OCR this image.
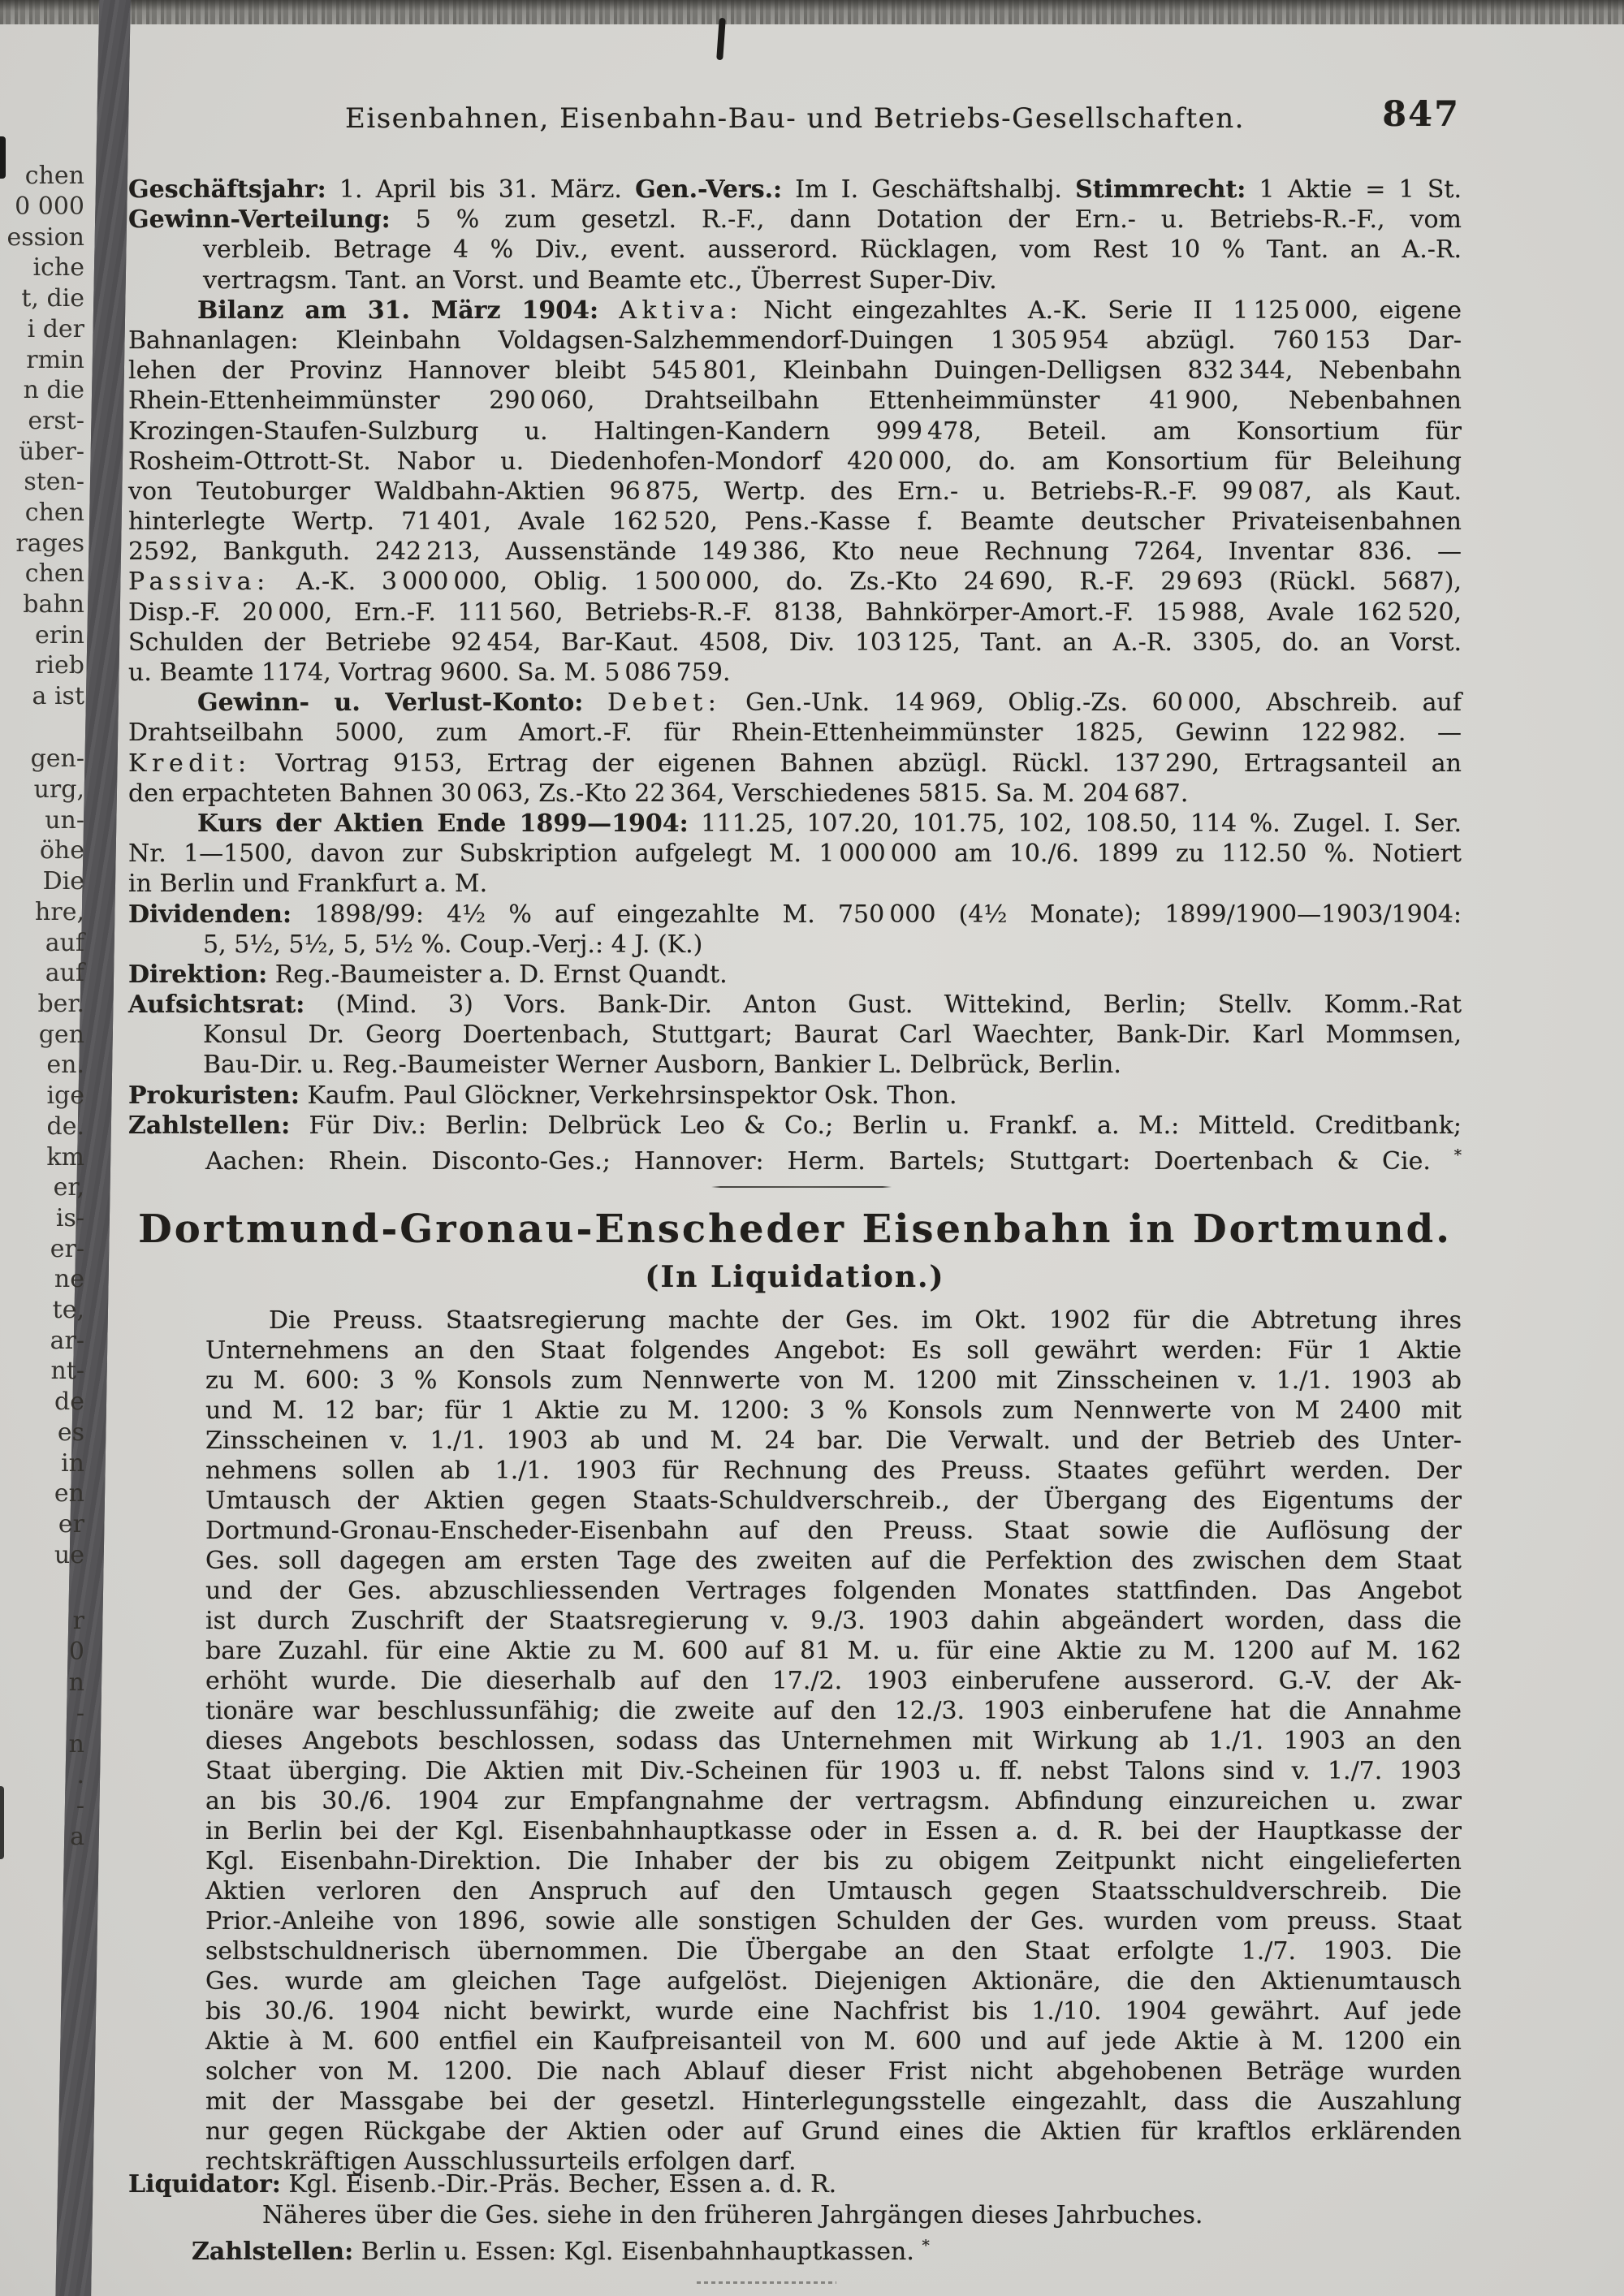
chen
0 000
ession
iche
t, die
i der
rmin
n die
erst-
über-
sten-
chen
rages
chen
bahn
erin
rieb
a ist
gen-
urg,
un-
öhe
Die
hre,
auf
auf
ber.
gen
en.
ige
de.
km
er,
is-
er-
ne
te,
ar-
nt-
de
es
in
en
er
ue
r
0
n
-
n
.
-
a
Eisenbahnen, Eisenbahn-Bau- und Betriebs-Gesellschaften.	847
Geschäftsjahr: 1. April bis 31. März. Gen.-Vers.: Im I. Geschäftshalbj. Stimmrecht: 1 Aktie = 1 St.
Gewinn-Verteilung: 5 % zum gesetzl. R.-F., dann Dotation der Ern.- u. Betriebs-R.-F., vom
verbleib. Betrage 4 % Div., event. ausserord. Rücklagen, vom Rest 10 % Tant. an A.-R.
vertragsm. Tant. an Vorst. und Beamte etc., Überrest Super-Div.
Bilanz am 31. März 1904: Aktiva: Nicht eingezahltes A.-K. Serie II 1 125 000, eigene
Bahnanlagen: Kleinbahn Voldagsen-Salzhemmendorf-Duingen 1 305 954 abzügl. 760 153 Dar-
lehen der Provinz Hannover bleibt 545 801, Kleinbahn Duingen-Delligsen 832 344, Nebenbahn
Rhein-Ettenheimmünster 290 060, Drahtseilbahn Ettenheimmünster 41 900, Nebenbahnen
Krozingen-Staufen-Sulzburg u. Haltingen-Kandern 999 478, Beteil. am Konsortium für
Rosheim-Ottrott-St. Nabor u. Diedenhofen-Mondorf 420 000, do. am Konsortium für Beleihung
von Teutoburger Waldbahn-Aktien 96 875, Wertp. des Ern.- u. Betriebs-R.-F. 99 087, als Kaut.
hinterlegte Wertp. 71 401, Avale 162 520, Pens.-Kasse f. Beamte deutscher Privateisenbahnen
2592, Bankguth. 242 213, Aussenstände 149 386, Kto neue Rechnung 7264, Inventar 836. —
Passiva: A.-K. 3 000 000, Oblig. 1 500 000, do. Zs.-Kto 24 690, R.-F. 29 693 (Rückl. 5687),
Disp.-F. 20 000, Ern.-F. 111 560, Betriebs-R.-F. 8138, Bahnkörper-Amort.-F. 15 988, Avale 162 520,
Schulden der Betriebe 92 454, Bar-Kaut. 4508, Div. 103 125, Tant. an A.-R. 3305, do. an Vorst.
u. Beamte 1174, Vortrag 9600. Sa. M. 5 086 759.
Gewinn- u. Verlust-Konto: Debet: Gen.-Unk. 14 969, Oblig.-Zs. 60 000, Abschreib. auf
Drahtseilbahn 5000, zum Amort.-F. für Rhein-Ettenheimmünster 1825, Gewinn 122 982. —
Kredit: Vortrag 9153, Ertrag der eigenen Bahnen abzügl. Rückl. 137 290, Ertragsanteil an
den erpachteten Bahnen 30 063, Zs.-Kto 22 364, Verschiedenes 5815. Sa. M. 204 687.
Kurs der Aktien Ende 1899—1904: 111.25, 107.20, 101.75, 102, 108.50, 114 %. Zugel. I. Ser.
Nr. 1—1500, davon zur Subskription aufgelegt M. 1 000 000 am 10./6. 1899 zu 112.50 %. Notiert
in Berlin und Frankfurt a. M.
Dividenden: 1898/99: 4½ % auf eingezahlte M. 750 000 (4½ Monate); 1899/1900—1903/1904:
5, 5½, 5½, 5, 5½ %. Coup.-Verj.: 4 J. (K.)
Direktion: Reg.-Baumeister a. D. Ernst Quandt.
Aufsichtsrat: (Mind. 3) Vors. Bank-Dir. Anton Gust. Wittekind, Berlin; Stellv. Komm.-Rat
Konsul Dr. Georg Doertenbach, Stuttgart; Baurat Carl Waechter, Bank-Dir. Karl Mommsen,
Bau-Dir. u. Reg.-Baumeister Werner Ausborn, Bankier L. Delbrück, Berlin.
Prokuristen: Kaufm. Paul Glöckner, Verkehrsinspektor Osk. Thon.
Zahlstellen: Für Div.: Berlin: Delbrück Leo & Co.; Berlin u. Frankf. a. M.: Mitteld. Creditbank;
Aachen: Rhein. Disconto-Ges.; Hannover: Herm. Bartels; Stuttgart: Doertenbach & Cie. *
Dortmund-Gronau-Enscheder Eisenbahn in Dortmund.
(In Liquidation.)
Die Preuss. Staatsregierung machte der Ges. im Okt. 1902 für die Abtretung ihres
Unternehmens an den Staat folgendes Angebot: Es soll gewährt werden: Für 1 Aktie
zu M. 600: 3 % Konsols zum Nennwerte von M. 1200 mit Zinsscheinen v. 1./1. 1903 ab
und M. 12 bar; für 1 Aktie zu M. 1200: 3 % Konsols zum Nennwerte von M 2400 mit
Zinsscheinen v. 1./1. 1903 ab und M. 24 bar. Die Verwalt. und der Betrieb des Unter-
nehmens sollen ab 1./1. 1903 für Rechnung des Preuss. Staates geführt werden. Der
Umtausch der Aktien gegen Staats-Schuldverschreib., der Übergang des Eigentums der
Dortmund-Gronau-Enscheder-Eisenbahn auf den Preuss. Staat sowie die Auflösung der
Ges. soll dagegen am ersten Tage des zweiten auf die Perfektion des zwischen dem Staat
und der Ges. abzuschliessenden Vertrages folgenden Monates stattfinden. Das Angebot
ist durch Zuschrift der Staatsregierung v. 9./3. 1903 dahin abgeändert worden, dass die
bare Zuzahl. für eine Aktie zu M. 600 auf 81 M. u. für eine Aktie zu M. 1200 auf M. 162
erhöht wurde. Die dieserhalb auf den 17./2. 1903 einberufene ausserord. G.-V. der Ak-
tionäre war beschlussunfähig; die zweite auf den 12./3. 1903 einberufene hat die Annahme
dieses Angebots beschlossen, sodass das Unternehmen mit Wirkung ab 1./1. 1903 an den
Staat überging. Die Aktien mit Div.-Scheinen für 1903 u. ff. nebst Talons sind v. 1./7. 1903
an bis 30./6. 1904 zur Empfangnahme der vertragsm. Abfindung einzureichen u. zwar
in Berlin bei der Kgl. Eisenbahnhauptkasse oder in Essen a. d. R. bei der Hauptkasse der
Kgl. Eisenbahn-Direktion. Die Inhaber der bis zu obigem Zeitpunkt nicht eingelieferten
Aktien verloren den Anspruch auf den Umtausch gegen Staatsschuldverschreib. Die
Prior.-Anleihe von 1896, sowie alle sonstigen Schulden der Ges. wurden vom preuss. Staat
selbstschuldnerisch übernommen. Die Übergabe an den Staat erfolgte 1./7. 1903. Die
Ges. wurde am gleichen Tage aufgelöst. Diejenigen Aktionäre, die den Aktienumtausch
bis 30./6. 1904 nicht bewirkt, wurde eine Nachfrist bis 1./10. 1904 gewährt. Auf jede
Aktie à M. 600 entfiel ein Kaufpreisanteil von M. 600 und auf jede Aktie à M. 1200 ein
solcher von M. 1200. Die nach Ablauf dieser Frist nicht abgehobenen Beträge wurden
mit der Massgabe bei der gesetzl. Hinterlegungsstelle eingezahlt, dass die Auszahlung
nur gegen Rückgabe der Aktien oder auf Grund eines die Aktien für kraftlos erklärenden
rechtskräftigen Ausschlussurteils erfolgen darf.
Liquidator: Kgl. Eisenb.-Dir.-Präs. Becher, Essen a. d. R.
Näheres über die Ges. siehe in den früheren Jahrgängen dieses Jahrbuches.
Zahlstellen: Berlin u. Essen: Kgl. Eisenbahnhauptkassen. *
